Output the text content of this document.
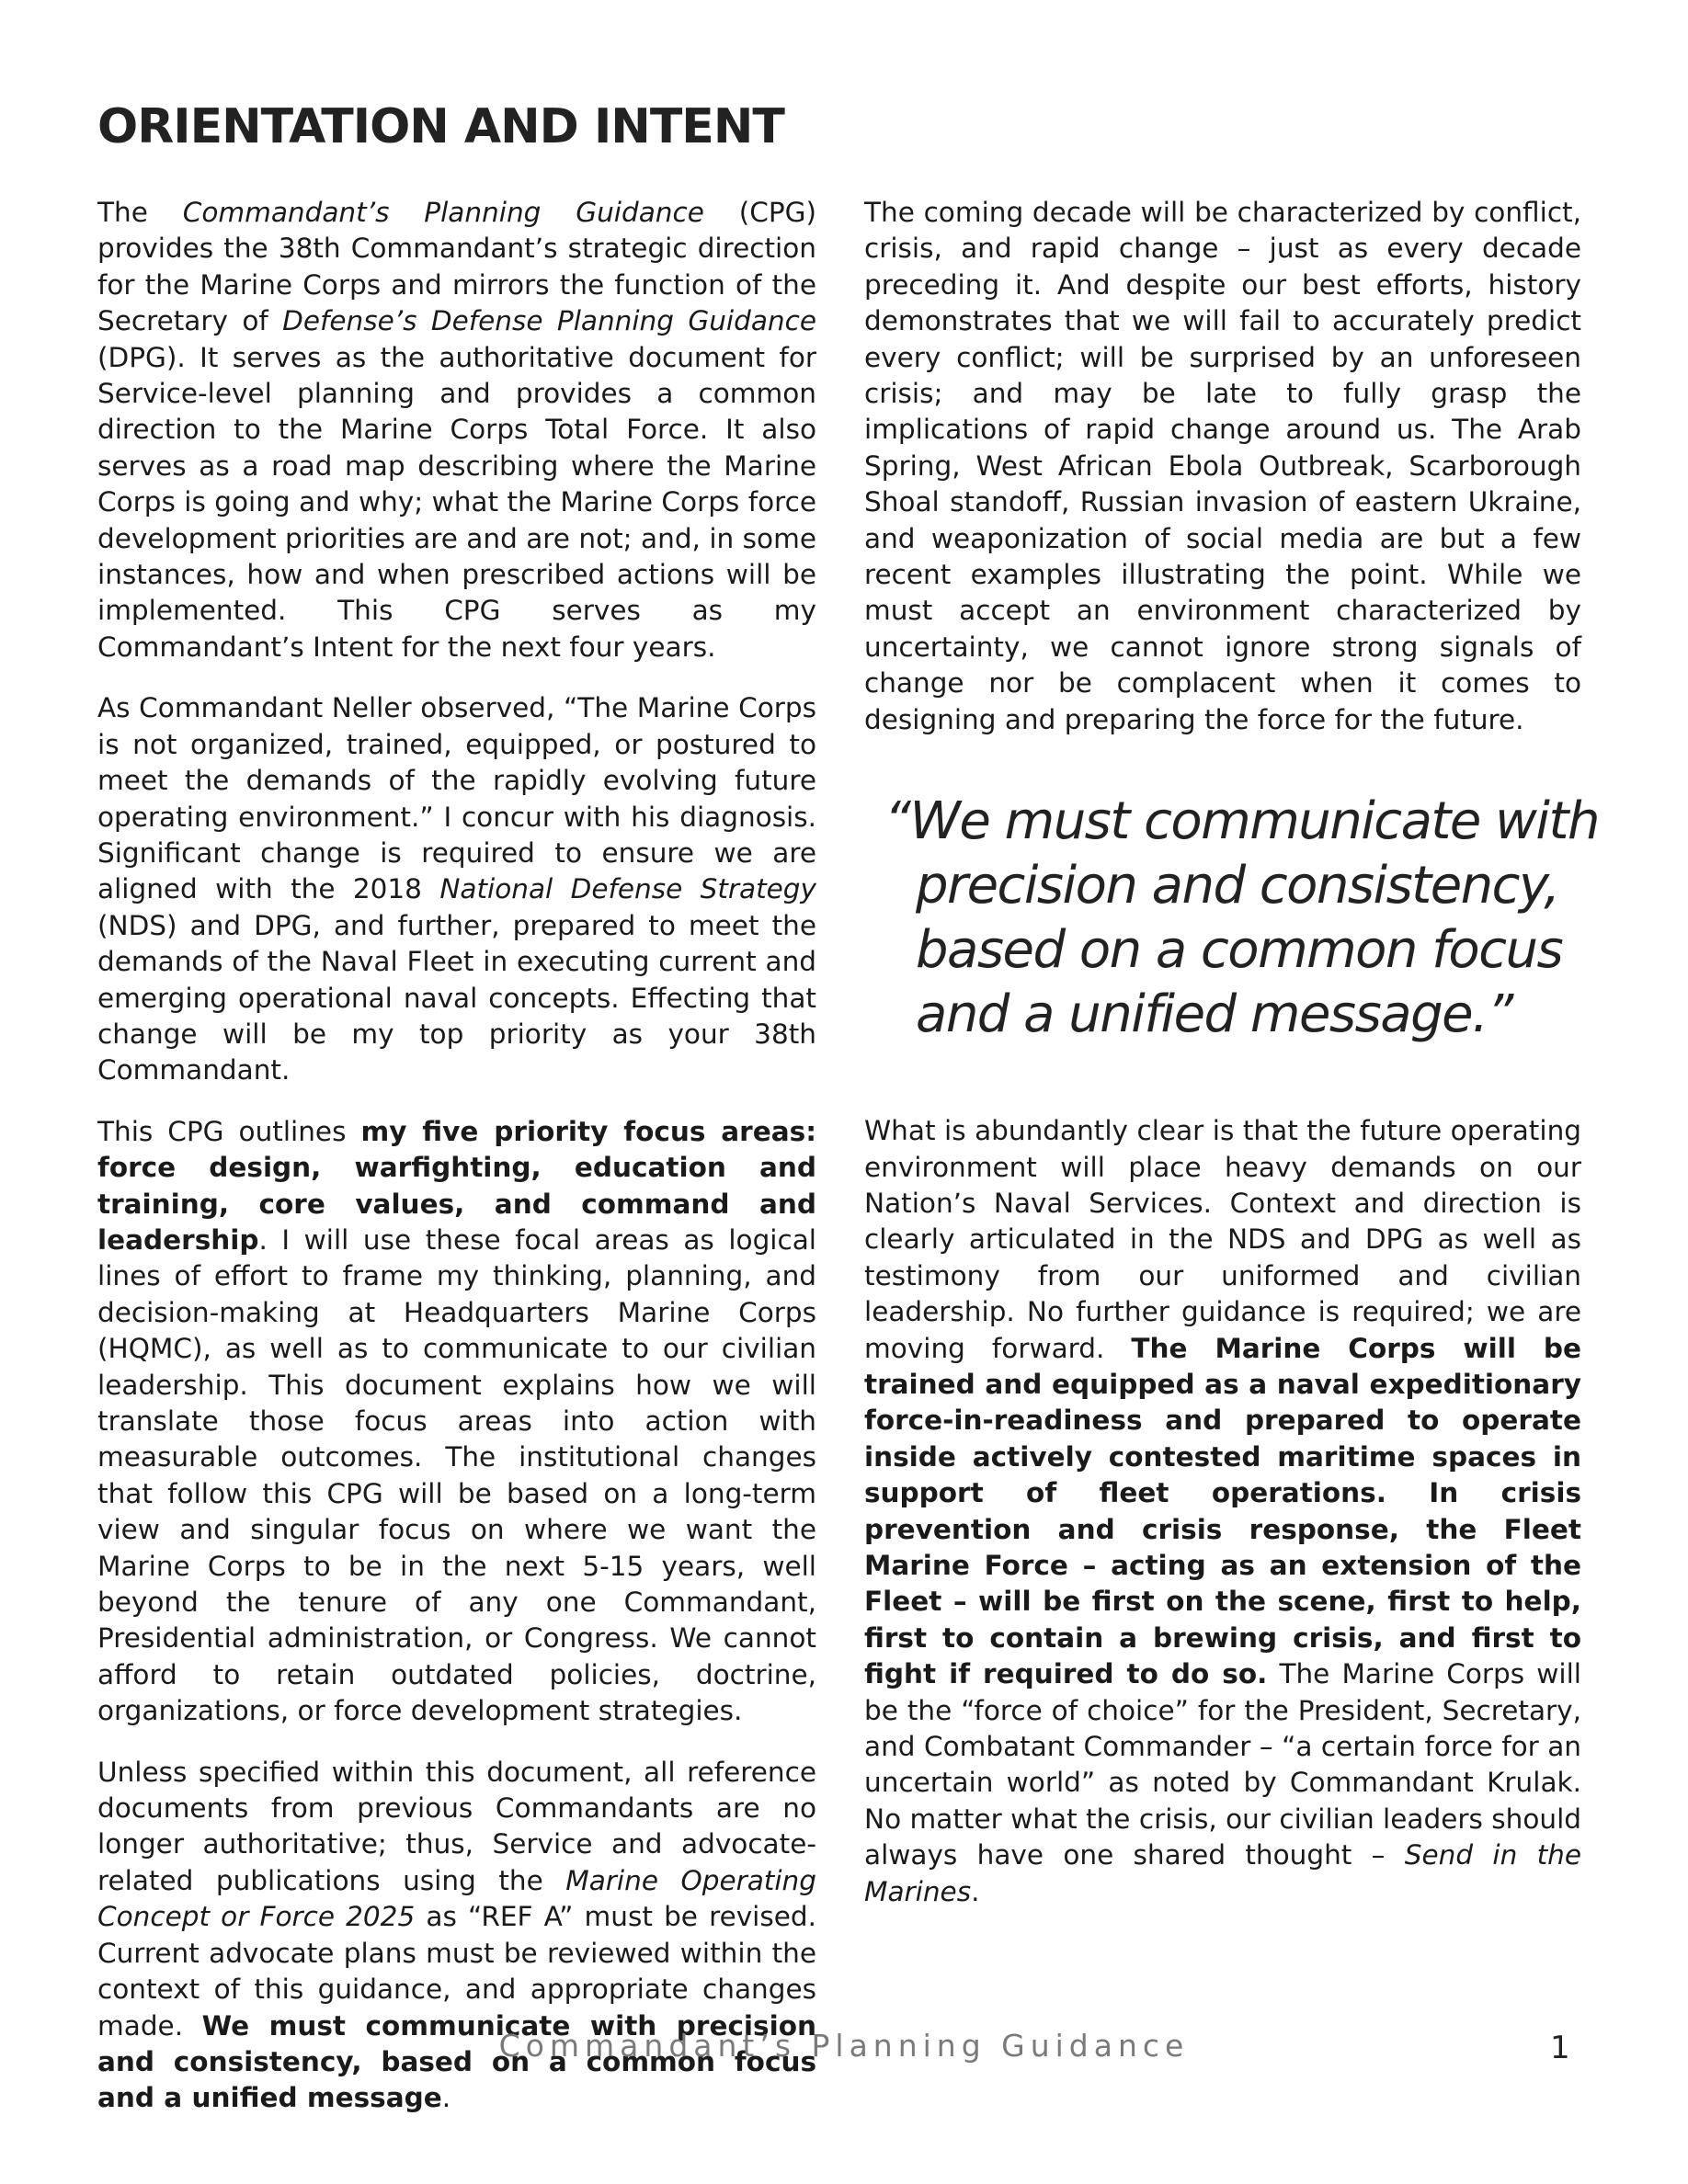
ORIENTATION AND INTENT

The Commandant’s Planning Guidance (CPG) provides the 38th Commandant’s strategic direction for the Marine Corps and mirrors the function of the Secretary of Defense’s Defense Planning Guidance (DPG). It serves as the authoritative document for Service-level planning and provides a common direction to the Marine Corps Total Force. It also serves as a road map describing where the Marine Corps is going and why; what the Marine Corps force development priorities are and are not; and, in some instances, how and when prescribed actions will be implemented. This CPG serves as my Commandant’s Intent for the next four years.

As Commandant Neller observed, “The Marine Corps is not organized, trained, equipped, or postured to meet the demands of the rapidly evolving future operating environment.” I concur with his diagnosis. Significant change is required to ensure we are aligned with the 2018 National Defense Strategy (NDS) and DPG, and further, prepared to meet the demands of the Naval Fleet in executing current and emerging operational naval concepts. Effecting that change will be my top priority as your 38th Commandant.

This CPG outlines my five priority focus areas: force design, warfighting, education and training, core values, and command and leadership. I will use these focal areas as logical lines of effort to frame my thinking, planning, and decision-making at Headquarters Marine Corps (HQMC), as well as to communicate to our civilian leadership. This document explains how we will translate those focus areas into action with measurable outcomes. The institutional changes that follow this CPG will be based on a long-term view and singular focus on where we want the Marine Corps to be in the next 5-15 years, well beyond the tenure of any one Commandant, Presidential administration, or Congress. We cannot afford to retain outdated policies, doctrine, organizations, or force development strategies.

Unless specified within this document, all reference documents from previous Commandants are no longer authoritative; thus, Service and advocate-related publications using the Marine Operating Concept or Force 2025 as “REF A” must be revised. Current advocate plans must be reviewed within the context of this guidance, and appropriate changes made. We must communicate with precision and consistency, based on a common focus and a unified message.

The coming decade will be characterized by conflict, crisis, and rapid change – just as every decade preceding it. And despite our best efforts, history demonstrates that we will fail to accurately predict every conflict; will be surprised by an unforeseen crisis; and may be late to fully grasp the implications of rapid change around us. The Arab Spring, West African Ebola Outbreak, Scarborough Shoal standoff, Russian invasion of eastern Ukraine, and weaponization of social media are but a few recent examples illustrating the point. While we must accept an environment characterized by uncertainty, we cannot ignore strong signals of change nor be complacent when it comes to designing and preparing the force for the future.

“We must communicate with
precision and consistency,
based on a common focus
and a unified message.”

What is abundantly clear is that the future operating environment will place heavy demands on our Nation’s Naval Services. Context and direction is clearly articulated in the NDS and DPG as well as testimony from our uniformed and civilian leadership. No further guidance is required; we are moving forward. The Marine Corps will be trained and equipped as a naval expeditionary force-in-readiness and prepared to operate inside actively contested maritime spaces in support of fleet operations. In crisis prevention and crisis response, the Fleet Marine Force – acting as an extension of the Fleet – will be first on the scene, first to help, first to contain a brewing crisis, and first to fight if required to do so. The Marine Corps will be the “force of choice” for the President, Secretary, and Combatant Commander – “a certain force for an uncertain world” as noted by Commandant Krulak. No matter what the crisis, our civilian leaders should always have one shared thought – Send in the Marines.

Commandant’s Planning Guidance	1
